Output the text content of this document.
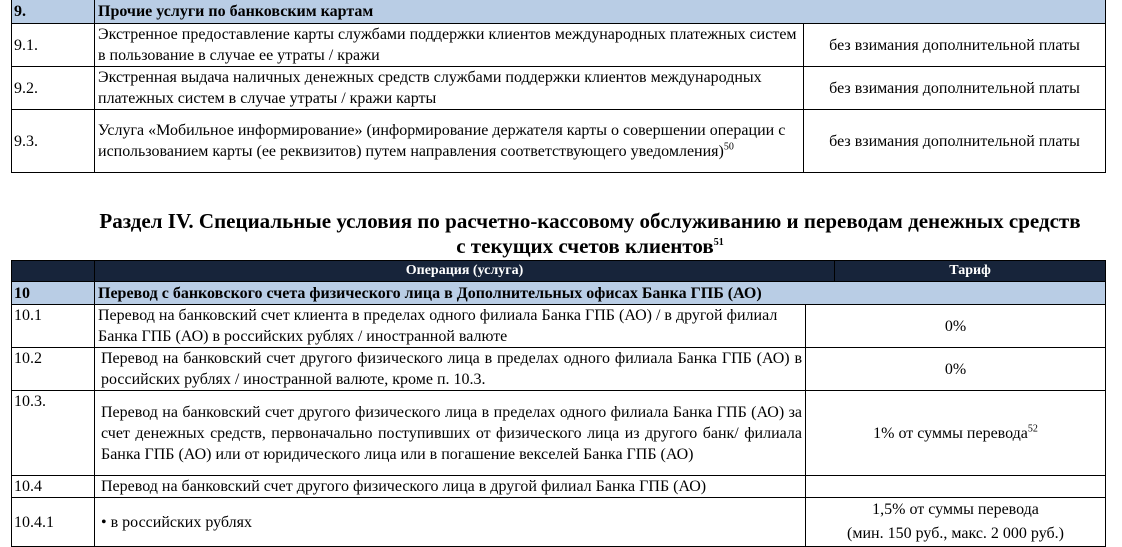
9.	Прочие услуги по банковским картам	
9.1.	Экстренное предоставление карты службами поддержки клиентов международных платежных систем в пользование в случае ее утраты / кражи	без взимания дополнительной платы
9.2.	Экстренная выдача наличных денежных средств службами поддержки клиентов международных платежных систем в случае утраты / кражи карты	без взимания дополнительной платы
9.3.	Услуга «Мобильное информирование» (информирование держателя карты о совершении операции с использованием карты (ее реквизитов) путем направления соответствующего уведомления)$^{50}$	без взимания дополнительной платы
Раздел IV. Специальные условия по расчетно-кассовому обслуживанию и переводам денежных средств
с текущих счетов клиентов$^{51}$
	Операция (услуга)		Тариф
10	Перевод с банковского счета физического лица в Дополнительных офисах Банка ГПБ (АО)		
10.1	Перевод на банковский счет клиента в пределах одного филиала Банка ГПБ (АО) / в другой филиал Банка ГПБ (АО) в российских рублях / иностранной валюте	0%	
10.2	Перевод на банковский счет другого физического лица в пределах одного филиала Банка ГПБ (АО) в российских рублях / иностранной валюте, кроме п. 10.3.	0%	
10.3.	Перевод на банковский счет другого физического лица в пределах одного филиала Банка ГПБ (АО) за счет денежных средств, первоначально поступивших от физического лица из другого банк/ филиала Банка ГПБ (АО) или от юридического лица или в погашение векселей Банка ГПБ (АО)	1% от суммы перевода$^{52}$
10.4	Перевод на банковский счет другого физического лица в другой филиал Банка ГПБ (АО)		
10.4.1	• в российских рублях	1,5% от суммы перевода
(мин. 150 руб., макс. 2 000 руб.)	
